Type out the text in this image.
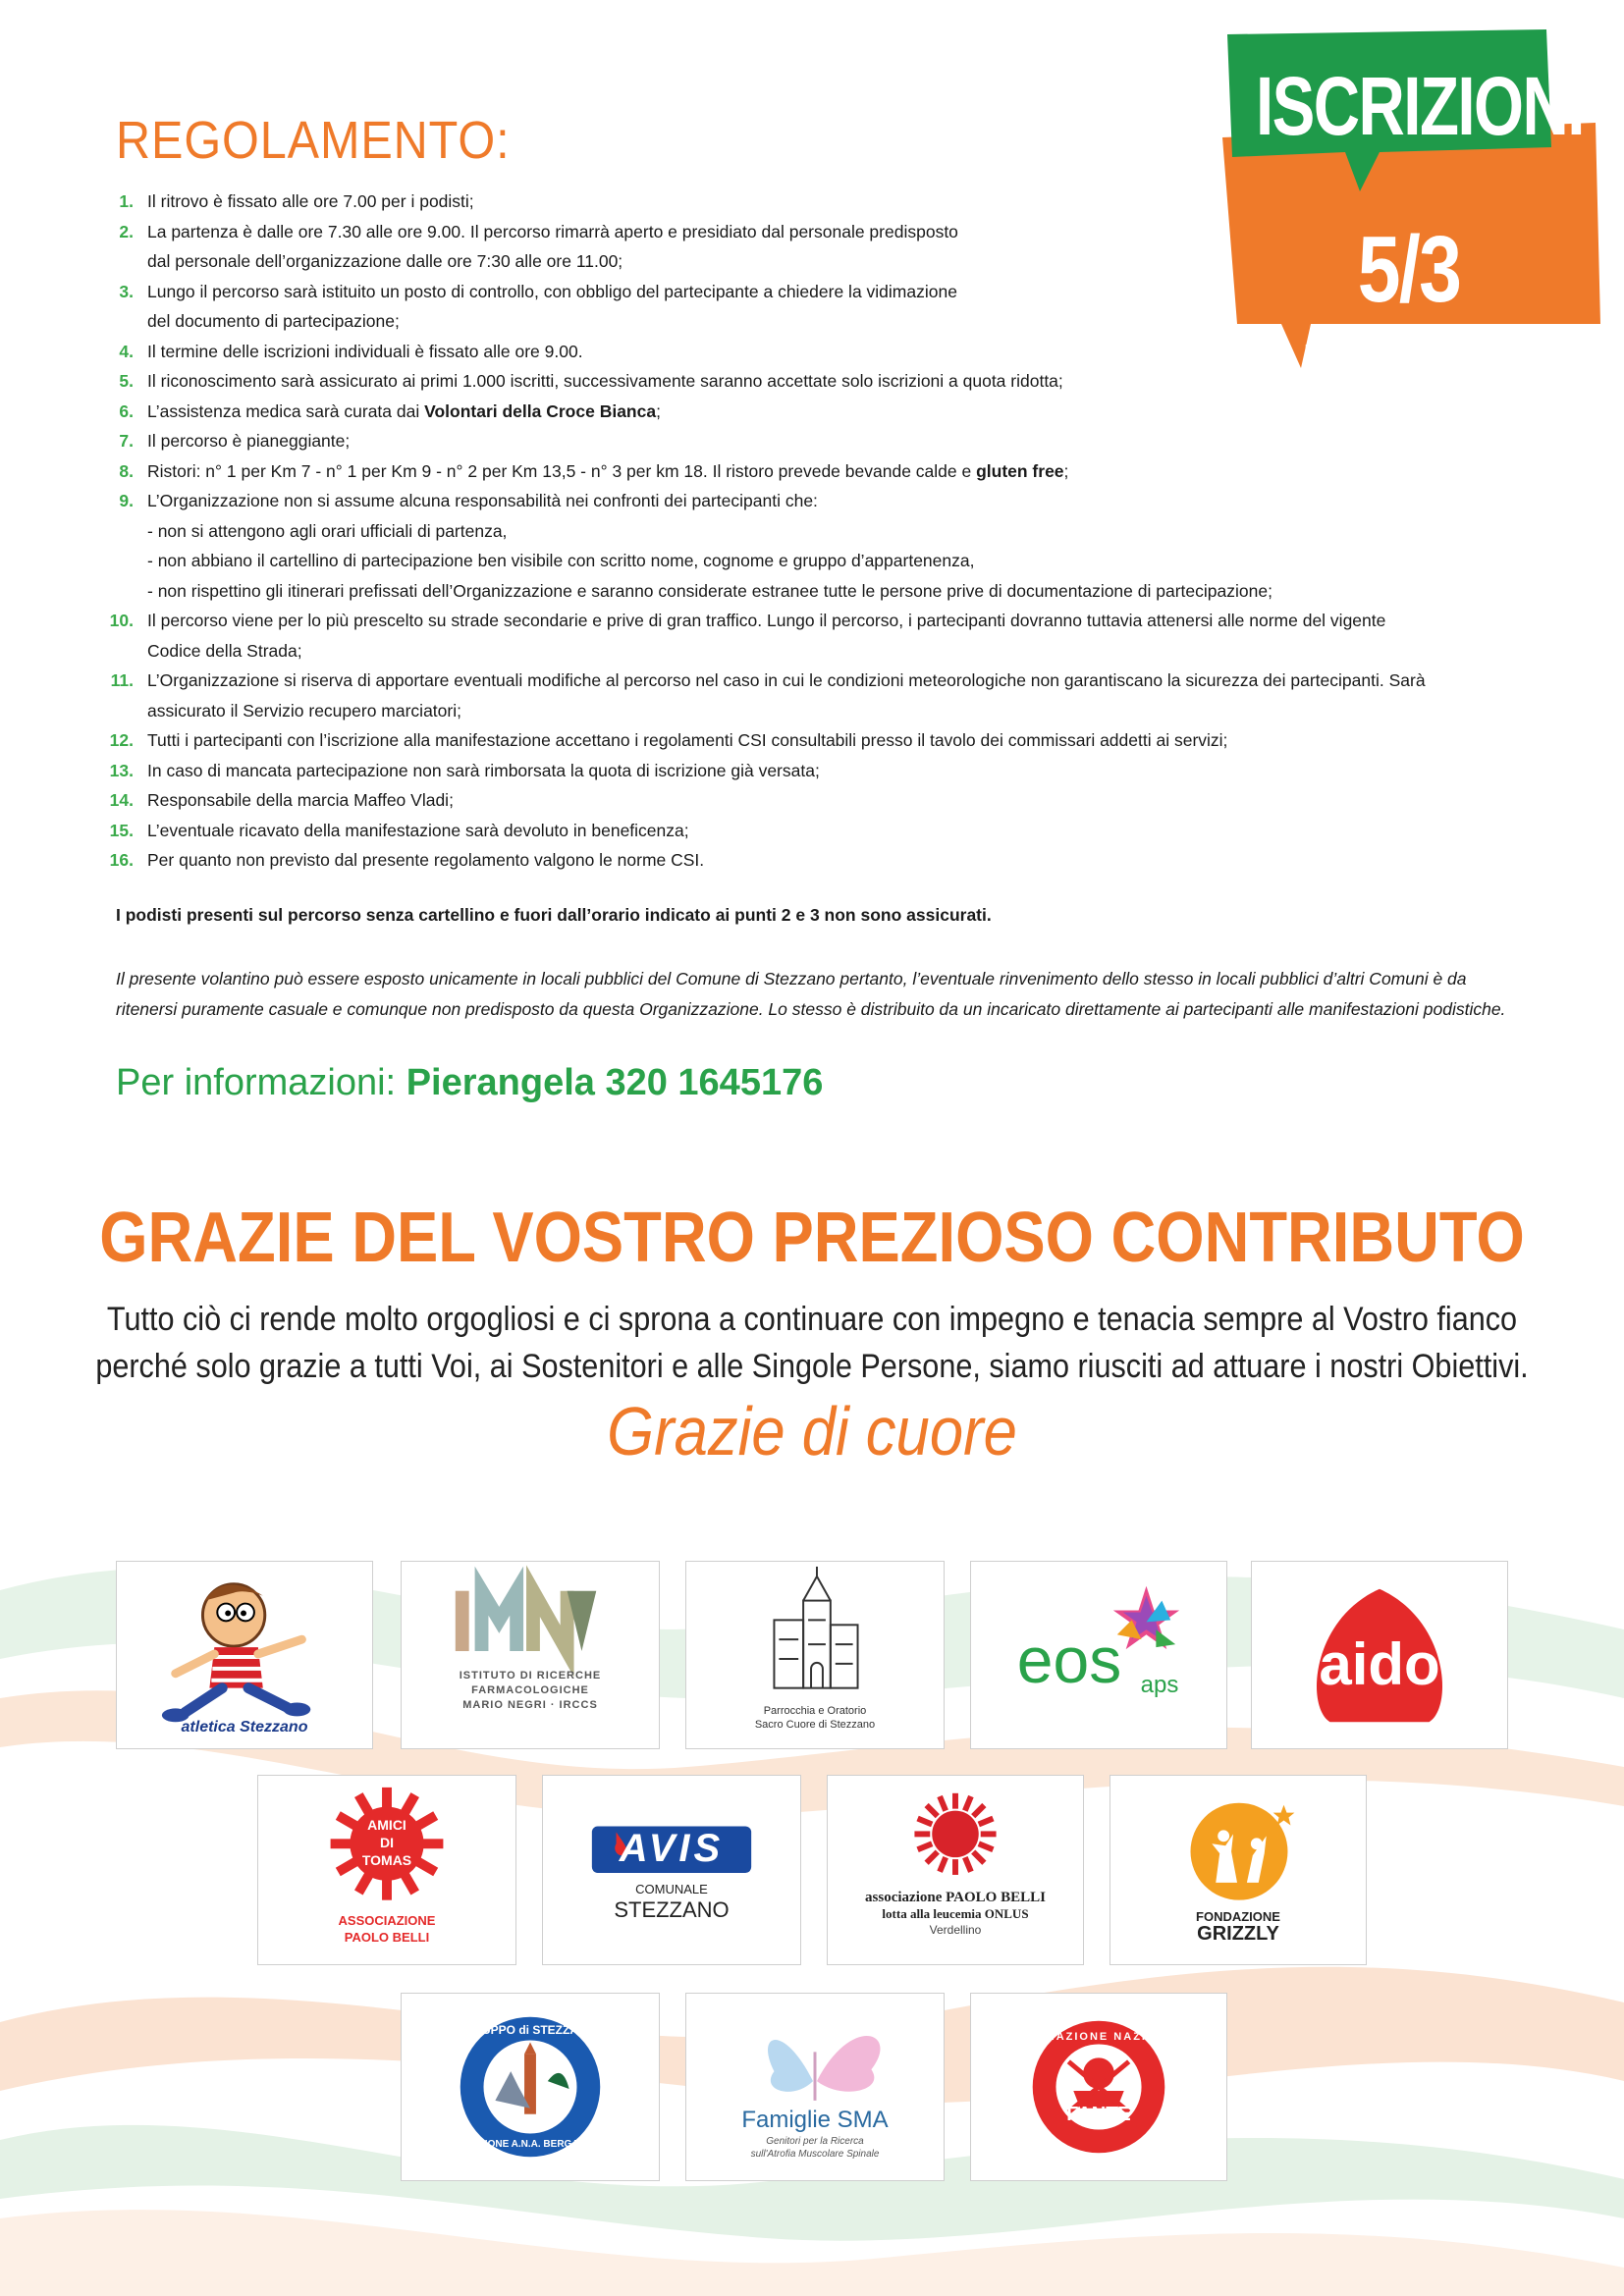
ISCRIZIONI
5/3 EURO
REGOLAMENTO:
1. Il ritrovo è fissato alle ore 7.00 per i podisti;
2. La partenza è dalle ore 7.30 alle ore 9.00. Il percorso rimarrà aperto e presidiato dal personale predisposto
dal personale dell’organizzazione dalle ore 7:30 alle ore 11.00;
3. Lungo il percorso sarà istituito un posto di controllo, con obbligo del partecipante a chiedere la vidimazione
del documento di partecipazione;
4. Il termine delle iscrizioni individuali è fissato alle ore 9.00.
5. Il riconoscimento sarà assicurato ai primi 1.000 iscritti, successivamente saranno accettate solo iscrizioni a quota ridotta;
6. L’assistenza medica sarà curata dai Volontari della Croce Bianca;
7. Il percorso è pianeggiante;
8. Ristori: n° 1 per Km 7 - n° 1 per Km 9 - n° 2 per Km 13,5 - n° 3 per km 18. Il ristoro prevede bevande calde e gluten free;
9. L’Organizzazione non si assume alcuna responsabilità nei confronti dei partecipanti che:
- non si attengono agli orari ufficiali di partenza,
- non abbiano il cartellino di partecipazione ben visibile con scritto nome, cognome e gruppo d’appartenenza,
- non rispettino gli itinerari prefissati dell’Organizzazione e saranno considerate estranee tutte le persone prive di documentazione di partecipazione;
10. Il percorso viene per lo più prescelto su strade secondarie e prive di gran traffico. Lungo il percorso, i partecipanti dovranno tuttavia attenersi alle norme del vigente
Codice della Strada;
11. L’Organizzazione si riserva di apportare eventuali modifiche al percorso nel caso in cui le condizioni meteorologiche non garantiscano la sicurezza dei partecipanti. Sarà
assicurato il Servizio recupero marciatori;
12. Tutti i partecipanti con l’iscrizione alla manifestazione accettano i regolamenti CSI consultabili presso il tavolo dei commissari addetti ai servizi;
13. In caso di mancata partecipazione non sarà rimborsata la quota di iscrizione già versata;
14. Responsabile della marcia Maffeo Vladi;
15. L’eventuale ricavato della manifestazione sarà devoluto in beneficenza;
16. Per quanto non previsto dal presente regolamento valgono le norme CSI.
I podisti presenti sul percorso senza cartellino e fuori dall’orario indicato ai punti 2 e 3 non sono assicurati.
Il presente volantino può essere esposto unicamente in locali pubblici del Comune di Stezzano pertanto, l’eventuale rinvenimento dello stesso in locali pubblici d’altri Comuni è da ritenersi puramente casuale e comunque non predisposto da questa Organizzazione. Lo stesso è distribuito da un incaricato direttamente ai partecipanti alle manifestazioni podistiche.
Per informazioni: Pierangela 320 1645176
GRAZIE DEL VOSTRO PREZIOSO CONTRIBUTO
Tutto ciò ci rende molto orgogliosi e ci sprona a continuare con impegno e tenacia sempre al Vostro fianco
perché solo grazie a tutti Voi, ai Sostenitori e alle Singole Persone, siamo riusciti ad attuare i nostri Obiettivi.
Grazie di cuore
atletica Stezzano
ISTITUTO DI RICERCHE
FARMACOLOGICHE
MARIO NEGRI · IRCCS	Parrocchia e Oratorio
Sacro Cuore di Stezzano
eos aps	aido
AMICI
DI
TOMAS
ASSOCIAZIONE
PAOLO BELLI
AVIS
COMUNALE
STEZZANO	associazione PAOLO BELLI
lotta alla leucemia ONLUS
Verdellino
FONDAZIONE
GRIZZLY
GRUPPO di STEZZANO
SEZIONE A.N.A. BERGAMO
Famiglie SMA
Genitori per la Ricerca
sull'Atrofia Muscolare Spinale
ASSOCIAZIONE NAZIONALE
FANTE
